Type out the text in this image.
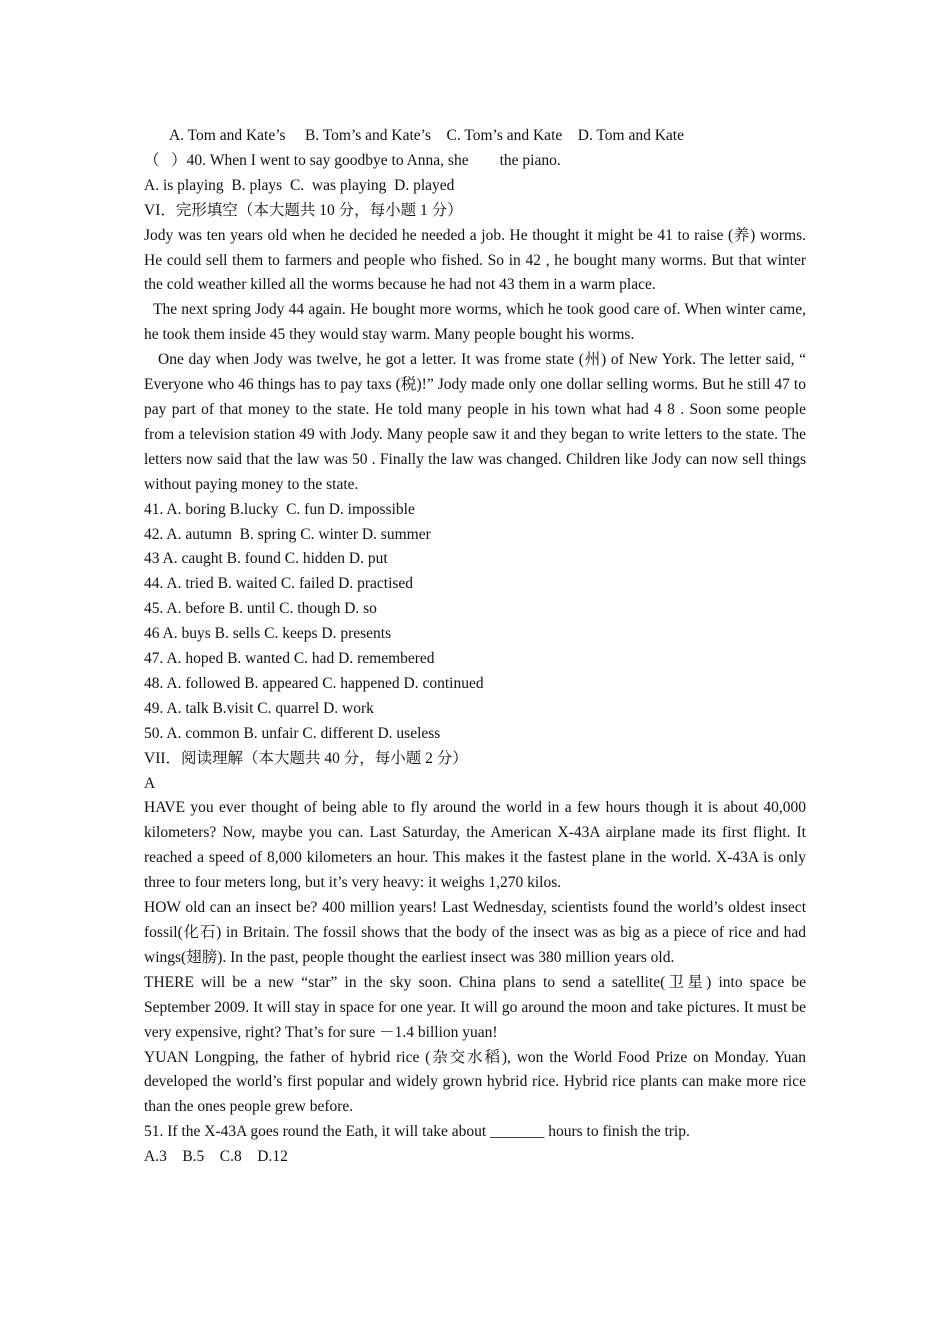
A. Tom and Kate’s     B. Tom’s and Kate’s    C. Tom’s and Kate    D. Tom and Kate
（   ）40. When I went to say goodbye to Anna, she        the piano.
A. is playing  B. plays  C.  was playing  D. played
VI．完形填空（本大题共 10 分，每小题 1 分）
Jody was ten years old when he decided he needed a job. He thought it might be 41 to raise (养) worms. He could sell them to farmers and people who fished. So in 42 , he bought many worms. But that winter the cold weather killed all the worms because he had not 43 them in a warm place.
The next spring Jody 44 again. He bought more worms, which he took good care of. When winter came, he took them inside 45 they would stay warm. Many people bought his worms.
One day when Jody was twelve, he got a letter. It was frome state (州) of New York. The letter said, “ Everyone who 46 things has to pay taxs (税)!” Jody made only one dollar selling worms. But he still 47 to pay part of that money to the state. He told many people in his town what had 4 8 . Soon some people from a television station 49 with Jody. Many people saw it and they began to write letters to the state. The letters now said that the law was 50 . Finally the law was changed. Children like Jody can now sell things without paying money to the state.
41. A. boring B.lucky  C. fun D. impossible
42. A. autumn  B. spring C. winter D. summer
43 A. caught B. found C. hidden D. put
44. A. tried B. waited C. failed D. practised
45. A. before B. until C. though D. so
46 A. buys B. sells C. keeps D. presents
47. A. hoped B. wanted C. had D. remembered
48. A. followed B. appeared C. happened D. continued
49. A. talk B.visit C. quarrel D. work
50. A. common B. unfair C. different D. useless
VII．阅读理解（本大题共 40 分，每小题 2 分）
A
HAVE you ever thought of being able to fly around the world in a few hours though it is about 40,000 kilometers? Now, maybe you can. Last Saturday, the American X-43A airplane made its first flight. It reached a speed of 8,000 kilometers an hour. This makes it the fastest plane in the world. X-43A is only three to four meters long, but it’s very heavy: it weighs 1,270 kilos.
HOW old can an insect be? 400 million years! Last Wednesday, scientists found the world’s oldest insect fossil(化石) in Britain. The fossil shows that the body of the insect was as big as a piece of rice and had wings(翅膀). In the past, people thought the earliest insect was 380 million years old.
THERE will be a new “star” in the sky soon. China plans to send a satellite(卫星) into space be September 2009. It will stay in space for one year. It will go around the moon and take pictures. It must be very expensive, right? That’s for sure －1.4 billion yuan!
YUAN Longping, the father of hybrid rice (杂交水稻), won the World Food Prize on Monday. Yuan developed the world’s first popular and widely grown hybrid rice. Hybrid rice plants can make more rice than the ones people grew before.
51. If the X-43A goes round the Eath, it will take about _______ hours to finish the trip.
A.3    B.5    C.8    D.12
